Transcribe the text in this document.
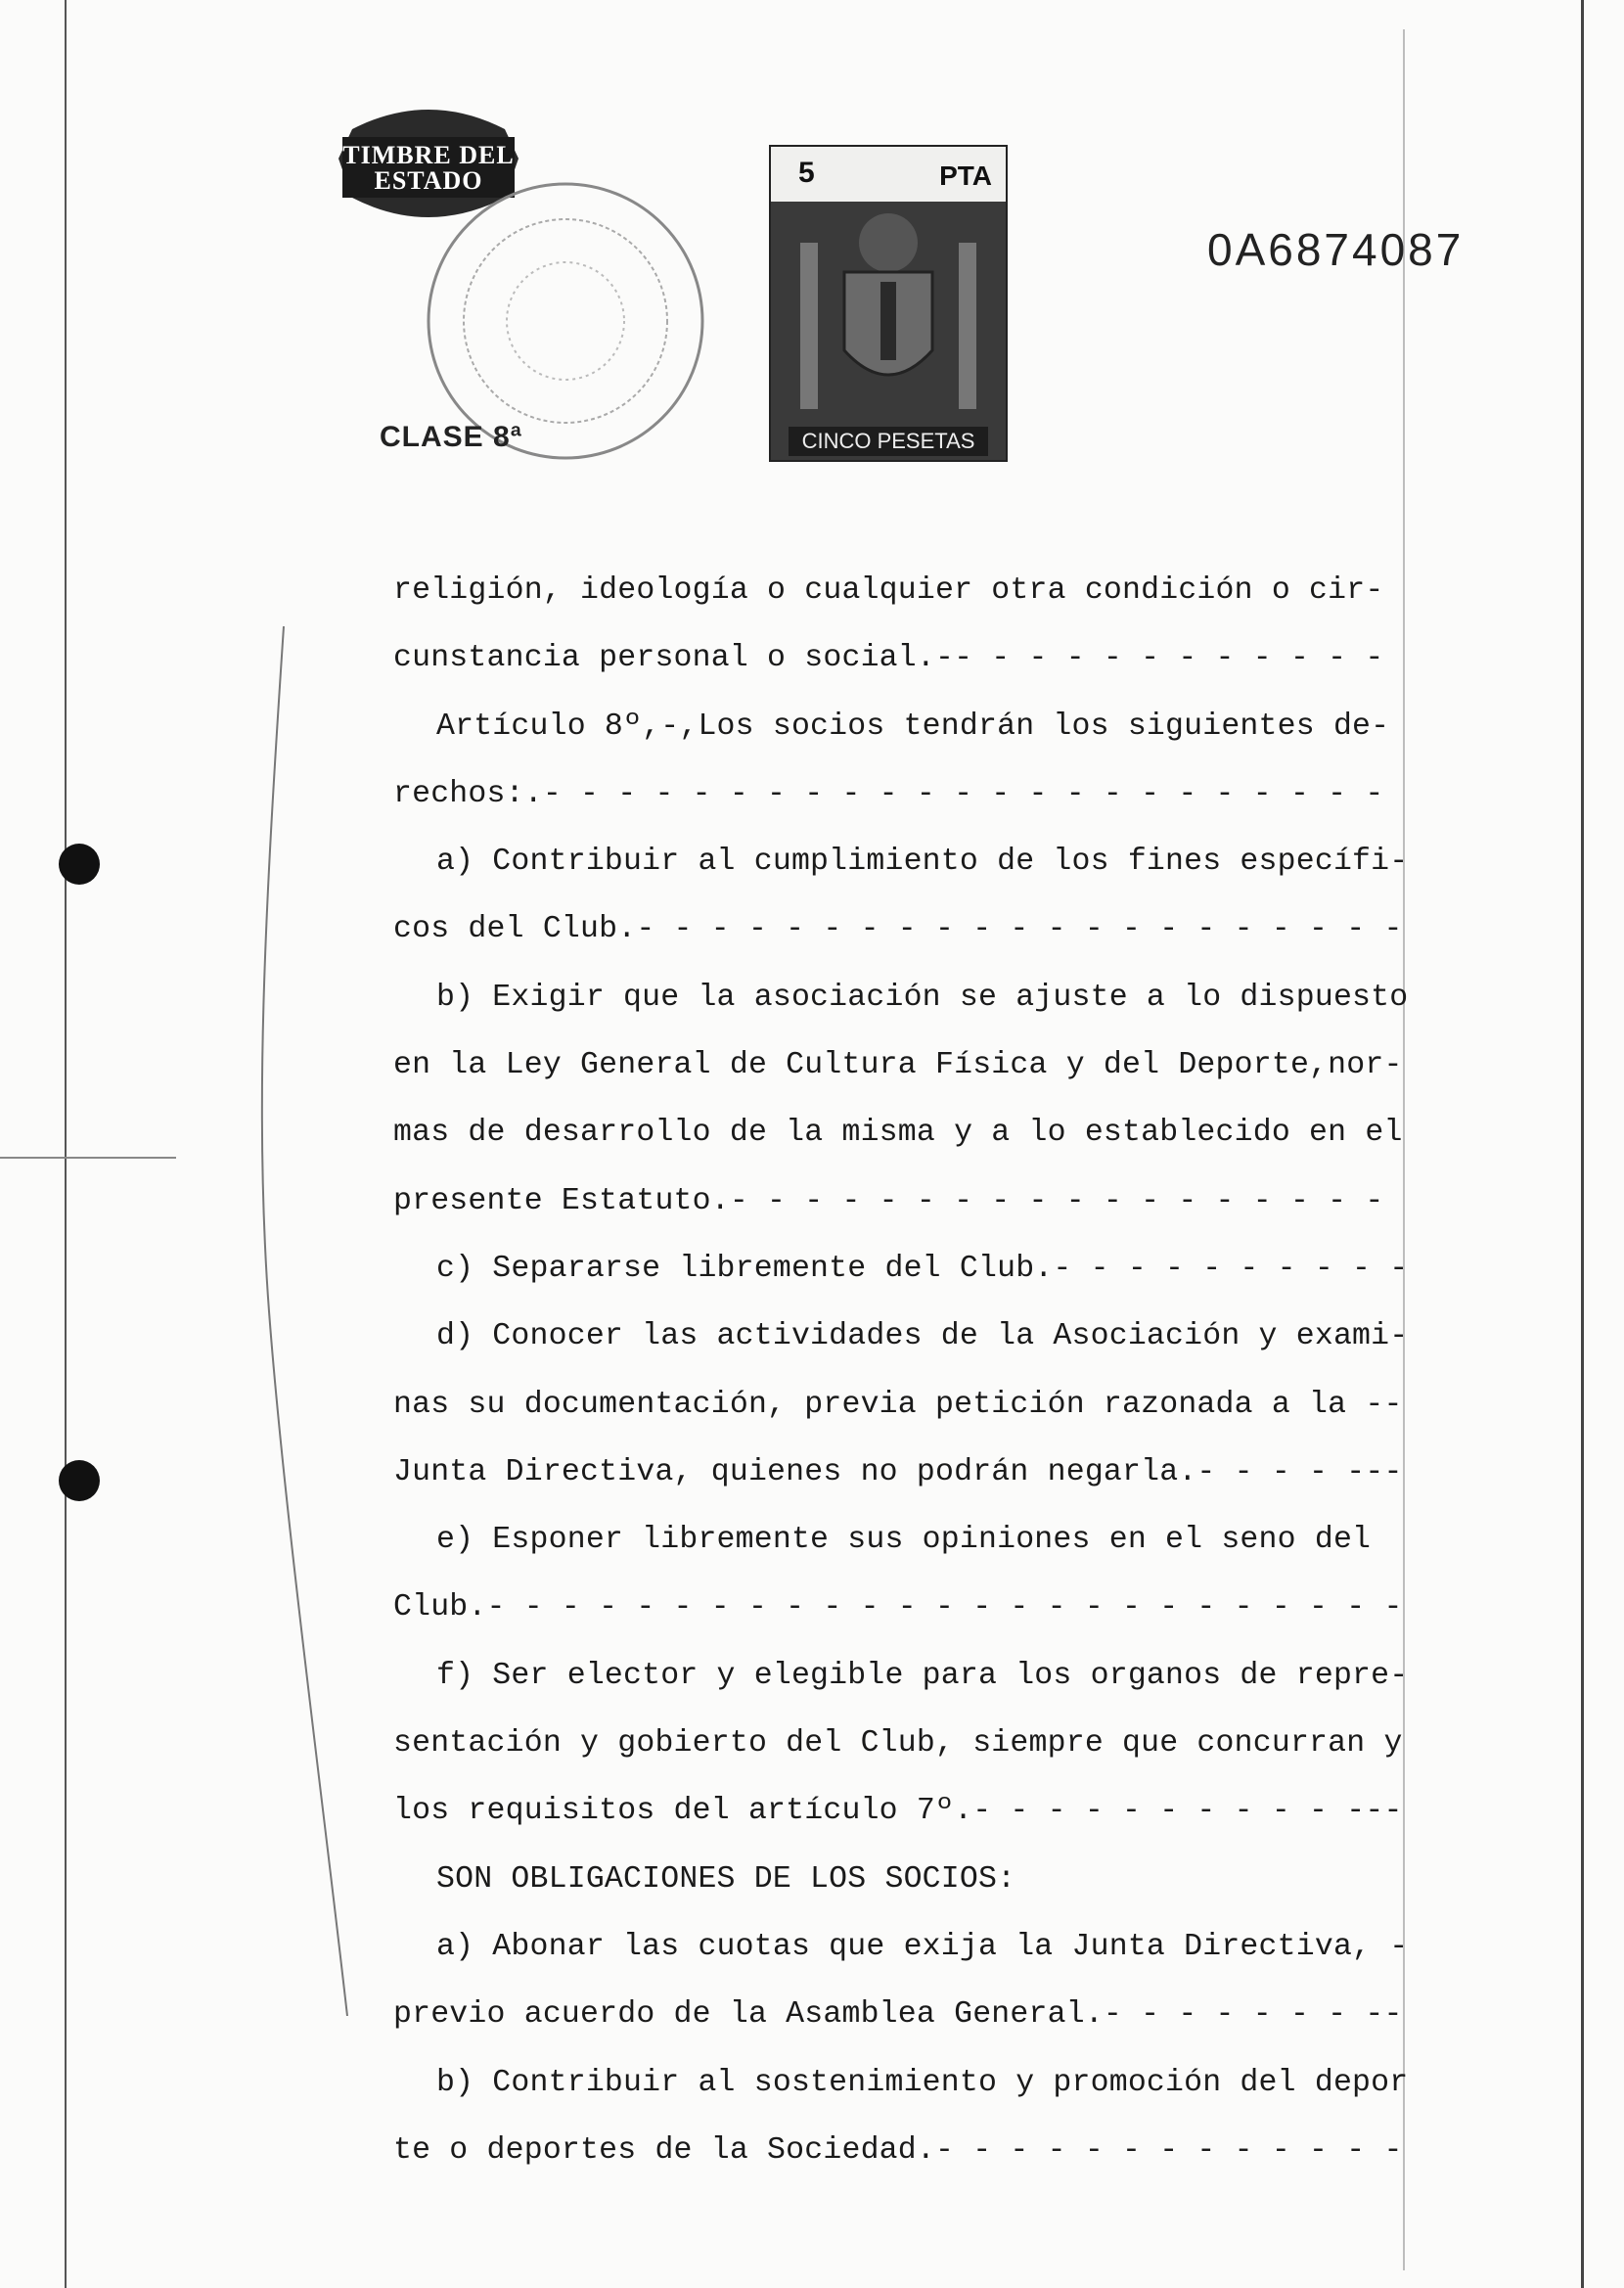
TIMBRE DEL ESTADO
CLASE 8ª
5	PTA
CINCO PESETAS
0A6874087
religión, ideología o cualquier otra condición o cir-
cunstancia personal o social.-- - - - - - - - - - - -
Artículo 8º,-,Los socios tendrán los siguientes de-
rechos:.- - - - - - - - - - - - - - - - - - - - - - -
a) Contribuir al cumplimiento de los fines específi-
cos del Club.- - - - - - - - - - - - - - - - - - - - -
b) Exigir que la asociación se ajuste a lo dispuesto
en la Ley General de Cultura Física y del Deporte,nor-
mas de desarrollo de la misma y a lo establecido en el
presente Estatuto.- - - - - - - - - - - - - - - - - -
c) Separarse libremente del Club.- - - - - - - - - -
d) Conocer las actividades de la Asociación y exami-
nas su documentación, previa petición razonada a la --
Junta Directiva, quienes no podrán negarla.- - - - ---
e) Esponer libremente sus opiniones en el seno del
Club.- - - - - - - - - - - - - - - - - - - - - - - - -
f) Ser elector y elegible para los organos de repre-
sentación y gobierto del Club, siempre que concurran y
los requisitos del artículo 7º.- - - - - - - - - - ---
SON OBLIGACIONES DE LOS SOCIOS:
a) Abonar las cuotas que exija la Junta Directiva, -
previo acuerdo de la Asamblea General.- - - - - - - --
b) Contribuir al sostenimiento y promoción del depor
te o deportes de la Sociedad.- - - - - - - - - - - - -
